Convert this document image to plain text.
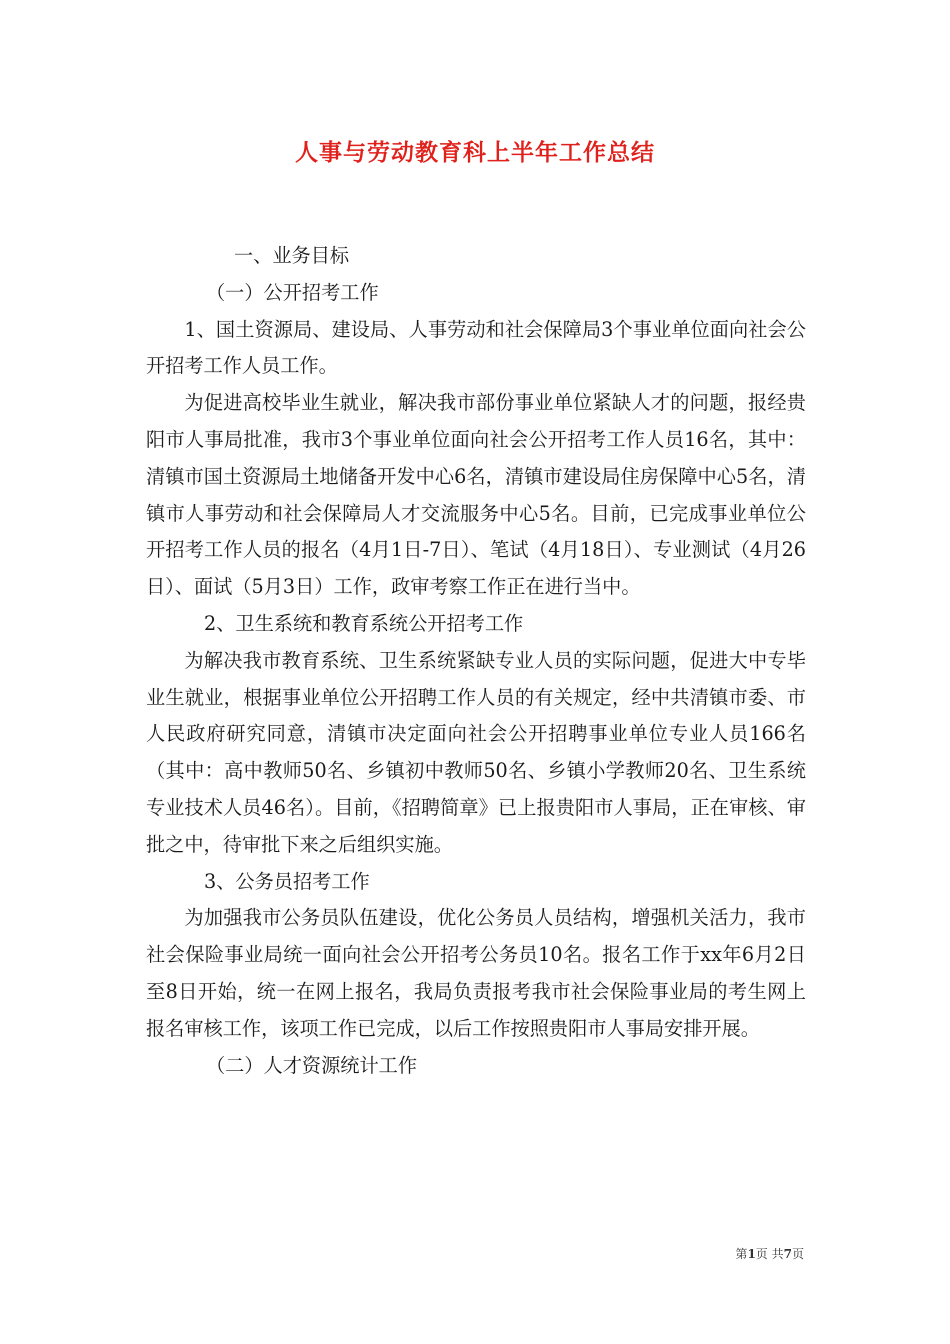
人事与劳动教育科上半年工作总结

一、业务目标

（一）公开招考工作

1、国土资源局、建设局、人事劳动和社会保障局3个事业单位面向社会公开招考工作人员工作。

为促进高校毕业生就业，解决我市部份事业单位紧缺人才的问题，报经贵阳市人事局批准，我市3个事业单位面向社会公开招考工作人员16名，其中：清镇市国土资源局土地储备开发中心6名，清镇市建设局住房保障中心5名，清镇市人事劳动和社会保障局人才交流服务中心5名。目前，已完成事业单位公开招考工作人员的报名（4月1日-7日）、笔试（4月18日）、专业测试（4月26日）、面试（5月3日）工作，政审考察工作正在进行当中。

2、卫生系统和教育系统公开招考工作

为解决我市教育系统、卫生系统紧缺专业人员的实际问题，促进大中专毕业生就业，根据事业单位公开招聘工作人员的有关规定，经中共清镇市委、市人民政府研究同意，清镇市决定面向社会公开招聘事业单位专业人员166名（其中：高中教师50名、乡镇初中教师50名、乡镇小学教师20名、卫生系统专业技术人员46名）。目前，《招聘简章》已上报贵阳市人事局，正在审核、审批之中，待审批下来之后组织实施。

3、公务员招考工作

为加强我市公务员队伍建设，优化公务员人员结构，增强机关活力，我市社会保险事业局统一面向社会公开招考公务员10名。报名工作于xx年6月2日至8日开始，统一在网上报名，我局负责报考我市社会保险事业局的考生网上报名审核工作，该项工作已完成，以后工作按照贵阳市人事局安排开展。

（二）人才资源统计工作

第1页 共7页
